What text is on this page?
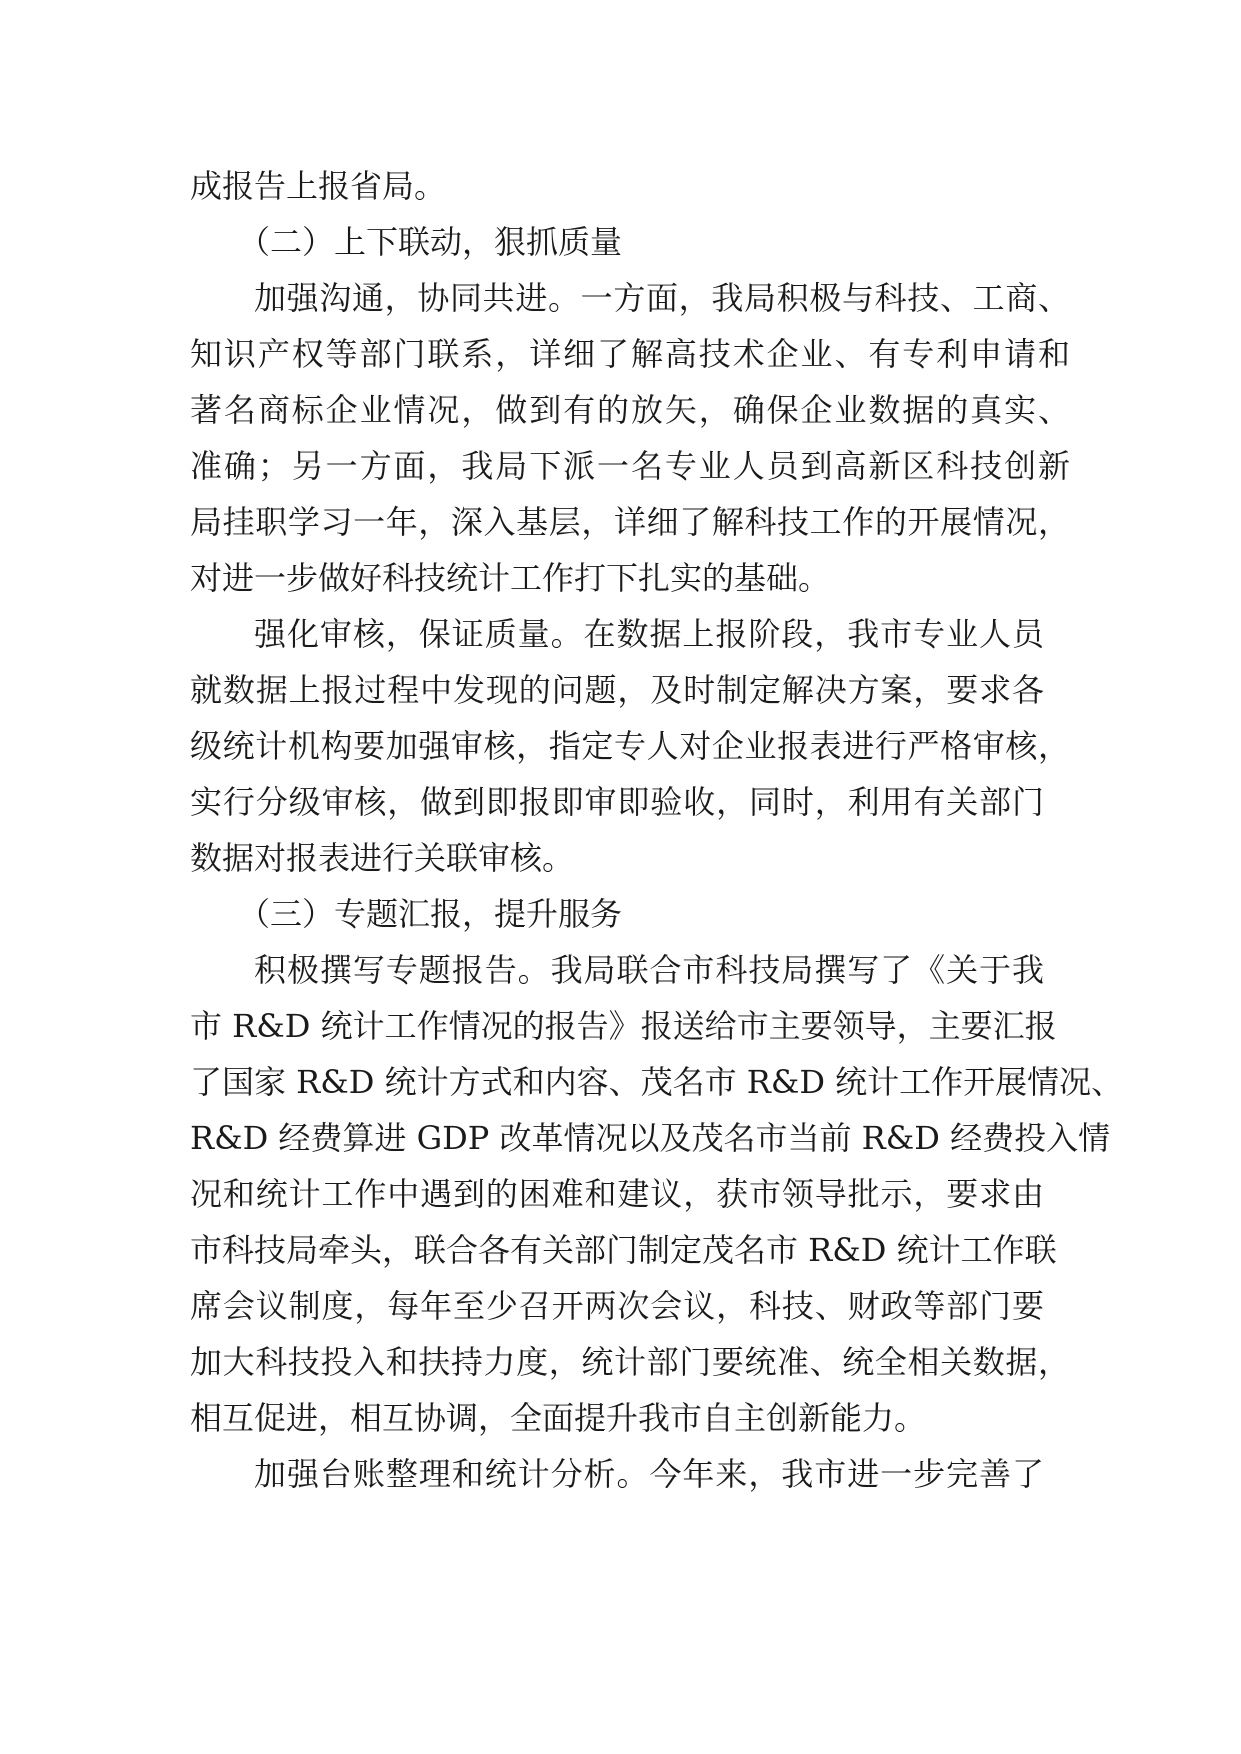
成报告上报省局。
（二）上下联动，狠抓质量
加强沟通，协同共进。一方面，我局积极与科技、工商、
知识产权等部门联系，详细了解高技术企业、有专利申请和
著名商标企业情况，做到有的放矢，确保企业数据的真实、
准确；另一方面，我局下派一名专业人员到高新区科技创新
局挂职学习一年，深入基层，详细了解科技工作的开展情况，
对进一步做好科技统计工作打下扎实的基础。
强化审核，保证质量。在数据上报阶段，我市专业人员
就数据上报过程中发现的问题，及时制定解决方案，要求各
级统计机构要加强审核，指定专人对企业报表进行严格审核，
实行分级审核，做到即报即审即验收，同时，利用有关部门
数据对报表进行关联审核。
（三）专题汇报，提升服务
积极撰写专题报告。我局联合市科技局撰写了《关于我
市 R&D 统计工作情况的报告》报送给市主要领导，主要汇报
了国家 R&D 统计方式和内容、茂名市 R&D 统计工作开展情况、
R&D 经费算进 GDP 改革情况以及茂名市当前 R&D 经费投入情
况和统计工作中遇到的困难和建议，获市领导批示，要求由
市科技局牵头，联合各有关部门制定茂名市 R&D 统计工作联
席会议制度，每年至少召开两次会议，科技、财政等部门要
加大科技投入和扶持力度，统计部门要统准、统全相关数据，
相互促进，相互协调，全面提升我市自主创新能力。
加强台账整理和统计分析。今年来，我市进一步完善了
